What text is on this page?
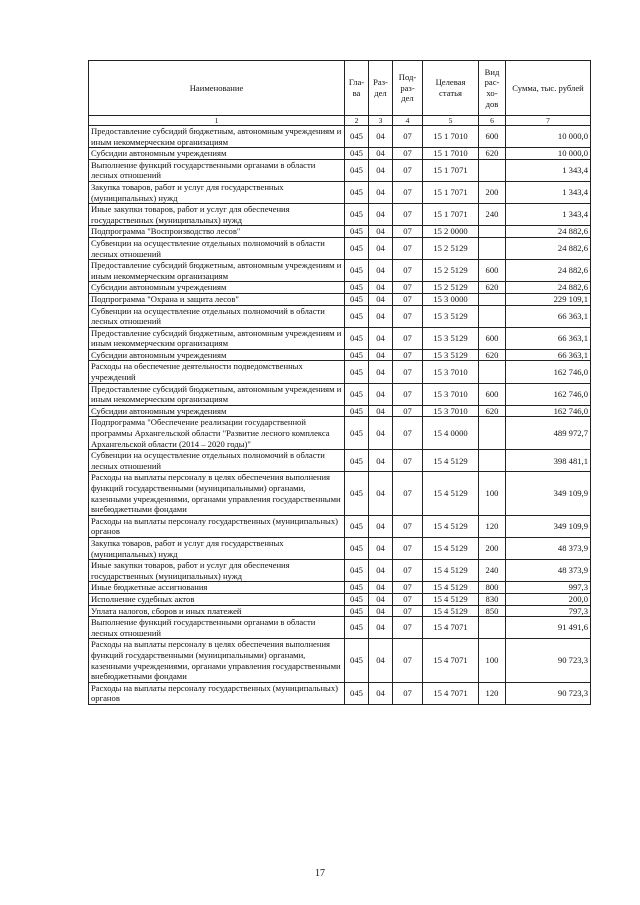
Наименование	Гла-ва	Раз-дел	Под-раз-дел	Целевая статья	Вид рас-хо-дов	Сумма, тыс. рублей
1	2	3	4	5	6	7
Предоставление субсидий бюджетным, автономным учреждениям и иным некоммерческим организациям	045	04	07	15 1 7010	600	10 000,0
Субсидии автономным учреждениям	045	04	07	15 1 7010	620	10 000,0
Выполнение функций государственными органами в области лесных отношений	045	04	07	15 1 7071		1 343,4
Закупка товаров, работ и услуг для государственных (муниципальных) нужд	045	04	07	15 1 7071	200	1 343,4
Иные закупки товаров, работ и услуг для обеспечения государственных (муниципальных) нужд	045	04	07	15 1 7071	240	1 343,4
Подпрограмма "Воспроизводство лесов"	045	04	07	15 2 0000		24 882,6
Субвенции на осуществление отдельных полномочий в области лесных отношений	045	04	07	15 2 5129		24 882,6
Предоставление субсидий бюджетным, автономным учреждениям и иным некоммерческим организациям	045	04	07	15 2 5129	600	24 882,6
Субсидии автономным учреждениям	045	04	07	15 2 5129	620	24 882,6
Подпрограмма "Охрана и защита лесов"	045	04	07	15 3 0000		229 109,1
Субвенции на осуществление отдельных полномочий в области лесных отношений	045	04	07	15 3 5129		66 363,1
Предоставление субсидий бюджетным, автономным учреждениям и иным некоммерческим организациям	045	04	07	15 3 5129	600	66 363,1
Субсидии автономным учреждениям	045	04	07	15 3 5129	620	66 363,1
Расходы на обеспечение деятельности подведомственных учреждений	045	04	07	15 3 7010		162 746,0
Предоставление субсидий бюджетным, автономным учреждениям и иным некоммерческим организациям	045	04	07	15 3 7010	600	162 746,0
Субсидии автономным учреждениям	045	04	07	15 3 7010	620	162 746,0
Подпрограмма "Обеспечение реализации государственной программы Архангельской области "Развитие лесного комплекса Архангельской области (2014 – 2020 годы)"	045	04	07	15 4 0000		489 972,7
Субвенции на осуществление отдельных полномочий в области лесных отношений	045	04	07	15 4 5129		398 481,1
Расходы на выплаты персоналу в целях обеспечения выполнения функций государственными (муниципальными) органами, казенными учреждениями, органами управления государственными внебюджетными фондами	045	04	07	15 4 5129	100	349 109,9
Расходы на выплаты персоналу государственных (муниципальных) органов	045	04	07	15 4 5129	120	349 109,9
Закупка товаров, работ и услуг для государственных (муниципальных) нужд	045	04	07	15 4 5129	200	48 373,9
Иные закупки товаров, работ и услуг для обеспечения государственных (муниципальных) нужд	045	04	07	15 4 5129	240	48 373,9
Иные бюджетные ассигнования	045	04	07	15 4 5129	800	997,3
Исполнение судебных актов	045	04	07	15 4 5129	830	200,0
Уплата налогов, сборов и иных платежей	045	04	07	15 4 5129	850	797,3
Выполнение функций государственными органами в области лесных отношений	045	04	07	15 4 7071		91 491,6
Расходы на выплаты персоналу в целях обеспечения выполнения функций государственными (муниципальными) органами, казенными учреждениями, органами управления государственными внебюджетными фондами	045	04	07	15 4 7071	100	90 723,3
Расходы на выплаты персоналу государственных (муниципальных) органов	045	04	07	15 4 7071	120	90 723,3
17
